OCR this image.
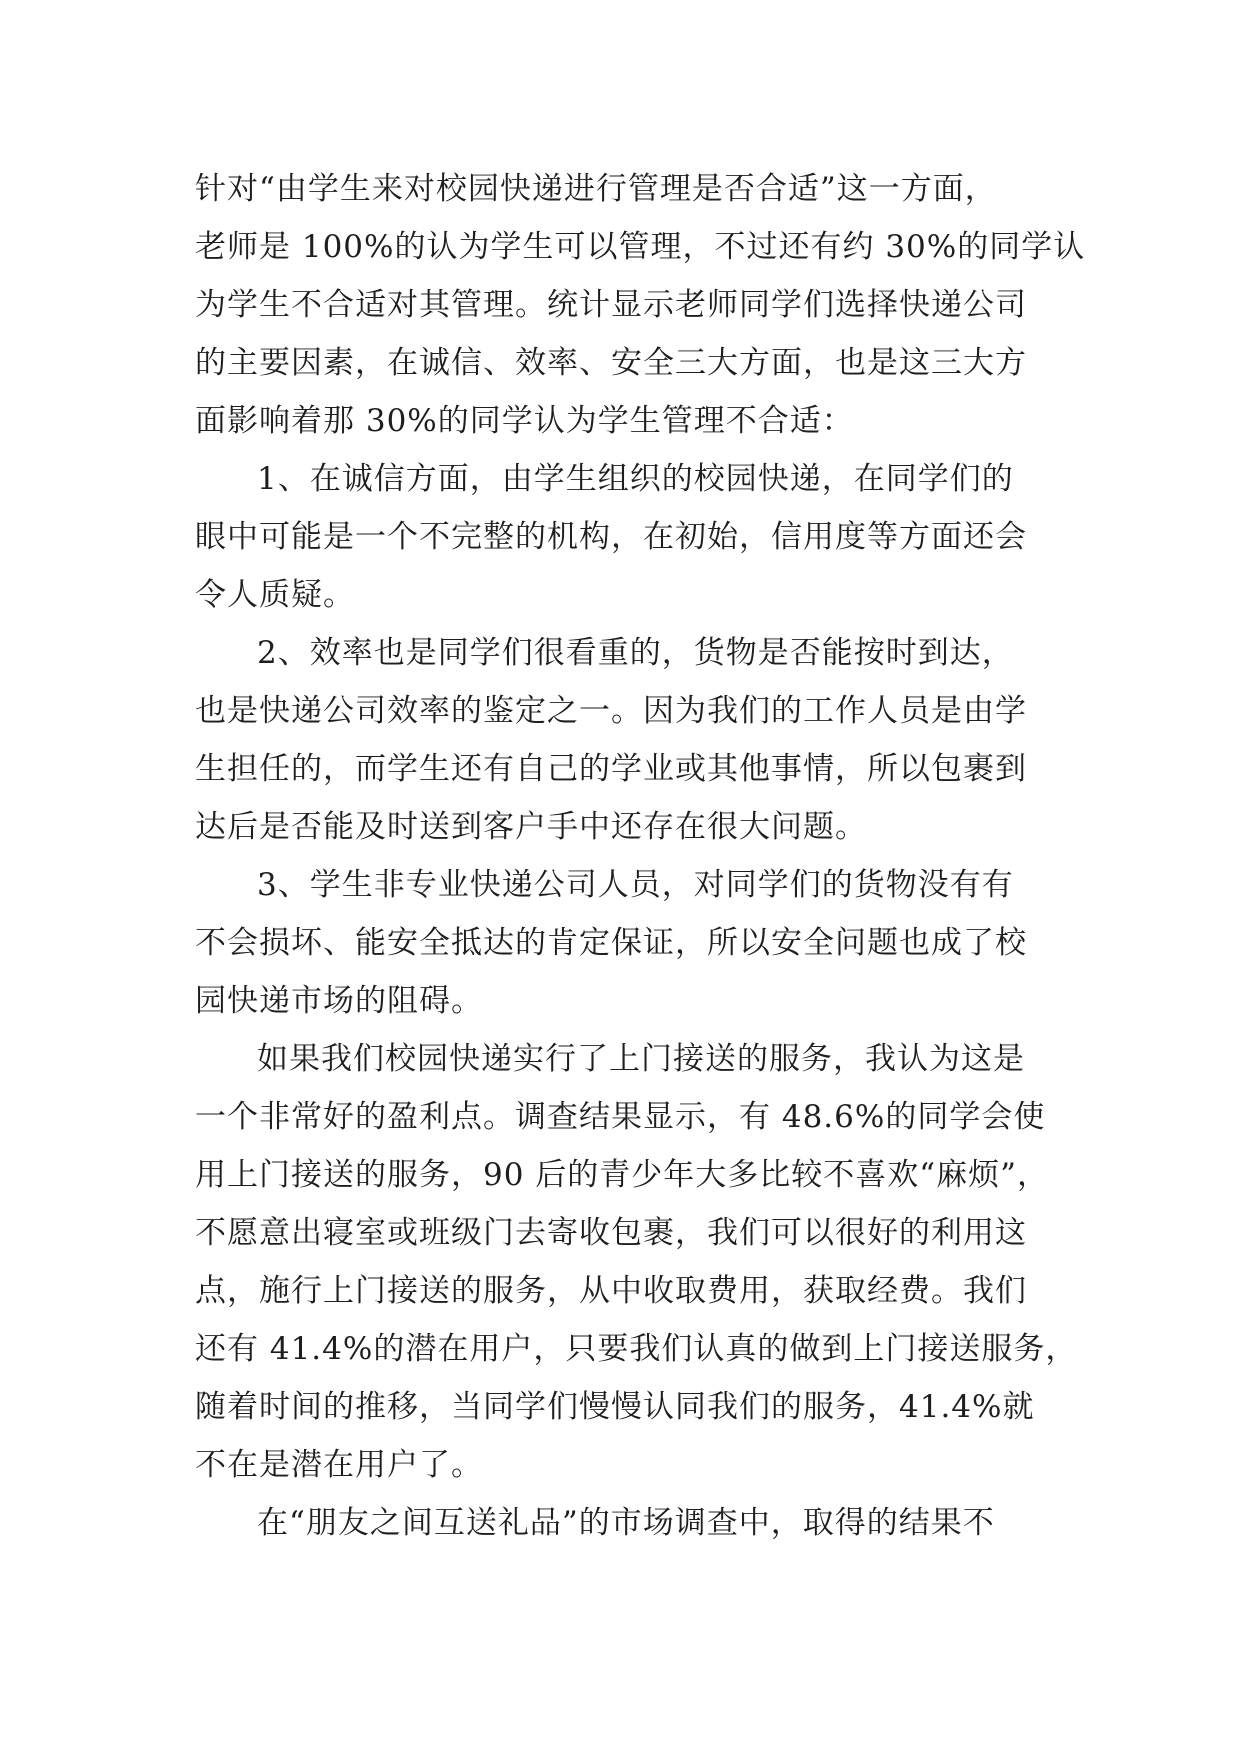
针对“由学生来对校园快递进行管理是否合适”这一方面，
老师是 100%的认为学生可以管理，不过还有约 30%的同学认
为学生不合适对其管理。统计显示老师同学们选择快递公司
的主要因素，在诚信、效率、安全三大方面，也是这三大方
面影响着那 30%的同学认为学生管理不合适：
1、在诚信方面，由学生组织的校园快递，在同学们的
眼中可能是一个不完整的机构，在初始，信用度等方面还会
令人质疑。
2、效率也是同学们很看重的，货物是否能按时到达，
也是快递公司效率的鉴定之一。因为我们的工作人员是由学
生担任的，而学生还有自己的学业或其他事情，所以包裹到
达后是否能及时送到客户手中还存在很大问题。
3、学生非专业快递公司人员，对同学们的货物没有有
不会损坏、能安全抵达的肯定保证，所以安全问题也成了校
园快递市场的阻碍。
如果我们校园快递实行了上门接送的服务，我认为这是
一个非常好的盈利点。调查结果显示，有 48.6%的同学会使
用上门接送的服务，90 后的青少年大多比较不喜欢“麻烦”，
不愿意出寝室或班级门去寄收包裹，我们可以很好的利用这
点，施行上门接送的服务，从中收取费用，获取经费。我们
还有 41.4%的潜在用户，只要我们认真的做到上门接送服务，
随着时间的推移，当同学们慢慢认同我们的服务，41.4%就
不在是潜在用户了。
在“朋友之间互送礼品”的市场调查中，取得的结果不
